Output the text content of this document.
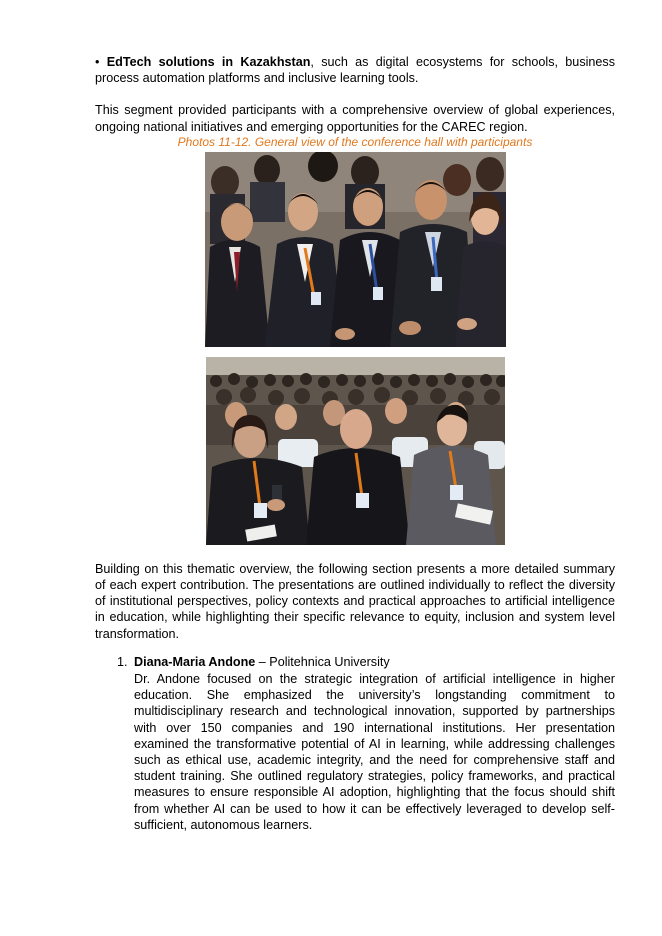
• EdTech solutions in Kazakhstan, such as digital ecosystems for schools, business process automation platforms and inclusive learning tools.

This segment provided participants with a comprehensive overview of global experiences, ongoing national initiatives and emerging opportunities for the CAREC region.

Photos 11-12. General view of the conference hall with participants

Building on this thematic overview, the following section presents a more detailed summary of each expert contribution. The presentations are outlined individually to reflect the diversity of institutional perspectives, policy contexts and practical approaches to artificial intelligence in education, while highlighting their specific relevance to equity, inclusion and system level transformation.

1. Diana-Maria Andone – Politehnica University

Dr. Andone focused on the strategic integration of artificial intelligence in higher education. She emphasized the university’s longstanding commitment to multidisciplinary research and technological innovation, supported by partnerships with over 150 companies and 190 international institutions. Her presentation examined the transformative potential of AI in learning, while addressing challenges such as ethical use, academic integrity, and the need for comprehensive staff and student training. She outlined regulatory strategies, policy frameworks, and practical measures to ensure responsible AI adoption, highlighting that the focus should shift from whether AI can be used to how it can be effectively leveraged to develop self-sufficient, autonomous learners.
